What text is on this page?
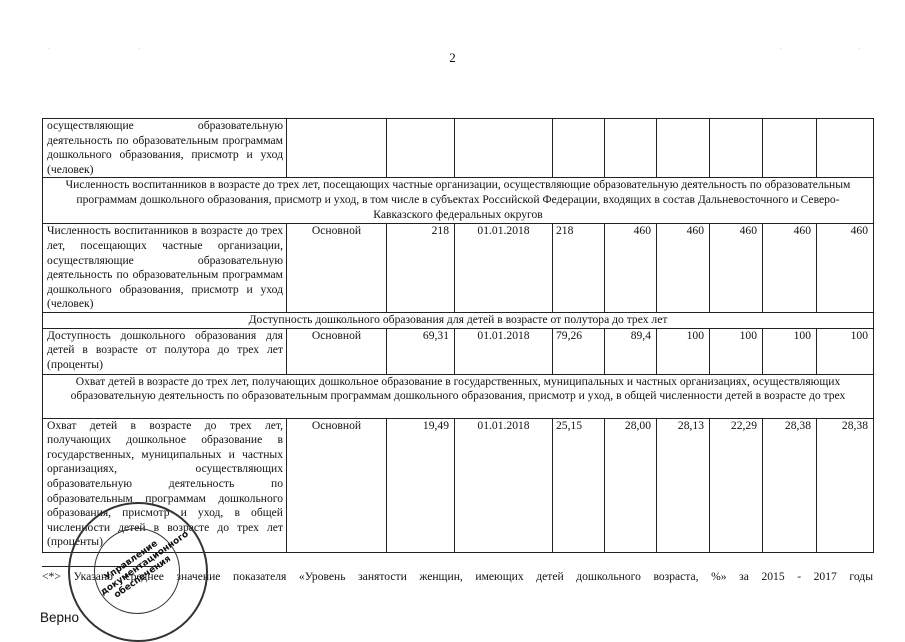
2
·	·	·	·
осуществляющие образовательную деятельность по образовательным программам дошкольного образования, присмотр и уход (человек)									
Численность воспитанников в возрасте до трех лет, посещающих частные организации, осуществляющие образовательную деятельность по образовательным программам дошкольного образования, присмотр и уход, в том числе в субъектах Российской Федерации, входящих в состав Дальневосточного и Северо-Кавказского федеральных округов									
Численность воспитанников в возрасте до трех лет, посещающих частные организации, осуществляющие образовательную деятельность по образовательным программам дошкольного образования, присмотр и уход (человек)	Основной	218	01.01.2018	218	460	460	460	460	460
Доступность дошкольного образования для детей в возрасте от полутора до трех лет									
Доступность дошкольного образования для детей в возрасте от полутора до трех лет (проценты)	Основной	69,31	01.01.2018	79,26	89,4	100	100	100	100
Охват детей в возрасте до трех лет, получающих дошкольное образование в государственных, муниципальных и частных организациях, осуществляющих образовательную деятельность по образовательным программам дошкольного образования, присмотр и уход, в общей численности детей в возрасте до трех									
Охват детей в возрасте до трех лет, получающих дошкольное образование в государственных, муниципальных и частных организациях, осуществляющих образовательную деятельность по образовательным программам дошкольного образования, присмотр и уход, в общей численности детей в возрасте до трех лет (проценты)	Основной	19,49	01.01.2018	25,15	28,00	28,13	22,29	28,38	28,38
<*> Указано среднее значение показателя «Уровень занятости женщин, имеющих детей дошкольного возраста, %» за 2015 - 2017 годы
Верно
Управление документационного обеспечения
